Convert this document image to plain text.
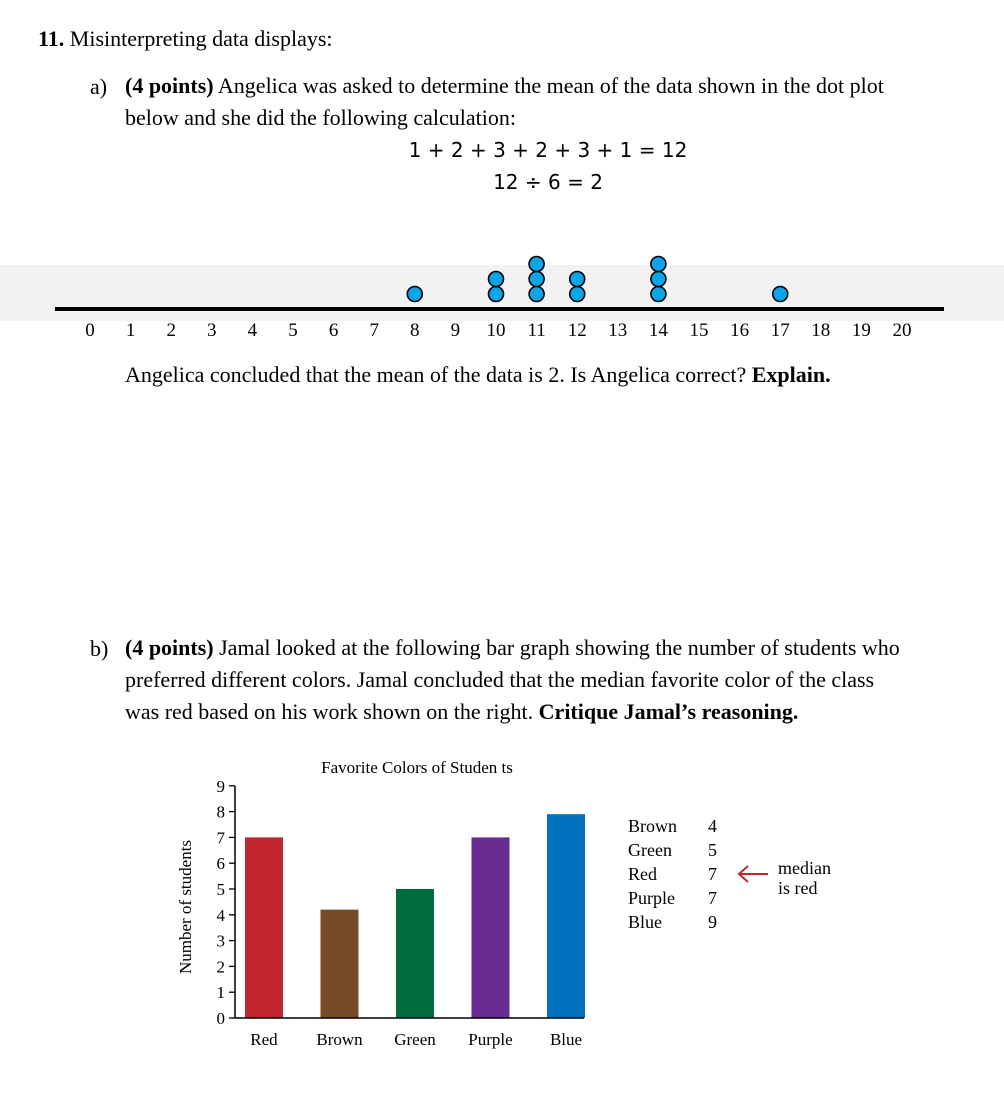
11. Misinterpreting data displays:
a) (4 points) Angelica was asked to determine the mean of the data shown in the dot plot
below and she did the following calculation:
1 + 2 + 3 + 2 + 3 + 1 = 12
12 ÷ 6 = 2
0 1 2 3 4 5 6 7 8 9 10 11 12 13 14 15 16 17 18 19 20
Angelica concluded that the mean of the data is 2. Is Angelica correct? Explain.
b) (4 points) Jamal looked at the following bar graph showing the number of students who
preferred different colors. Jamal concluded that the median favorite color of the class
was red based on his work shown on the right. Critique Jamal’s reasoning.
Favorite Colors of Studen ts
Number of students
0
1
2
3
4
5
6
7
8
9
Red Brown Green Purple Blue
Brown 4
Green 5
Red	7
Purple 7
Blue	9
median
is red
